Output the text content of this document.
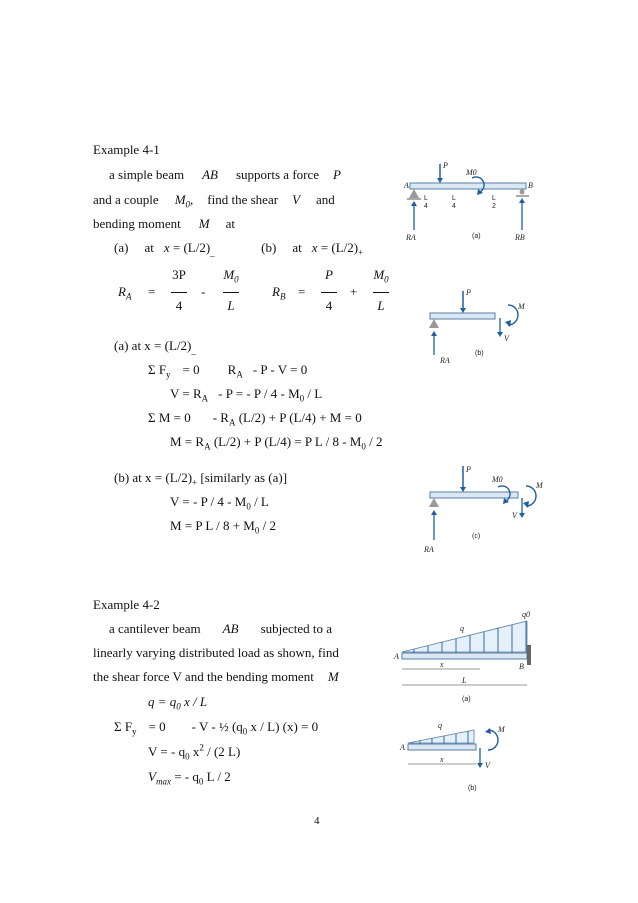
Example 4-1
a simple beam AB supports a force P
and a couple $M_0$, find the shear V and
bending moment M at
(a) at $x = (L/2)_{\_}$	(b) at $x = (L/2)_+$
$R_A$ =
3P
4
-
$M_0$
L
$R_B$ =
P
4
+
$M_0$
L
(a) at $x = (L/2)_{\_}$
Σ $F_y = 0$ $R_A - P - V = 0$
$V = R_A - P$ = - P / $4 - M_0$ / L
Σ $M = 0 - R_A$ (L/2) + P (L/4) + M = 0
$M = R_A$ (L/2) + P (L/4) = P L / $8 - M_0 / 2$
(b) at $x = (L/2)_+$ [similarly as (a)]
V = - P / $4 - M_0$ / L
M = P $L / 8 + M_0 / 2$
Example 4-2
a cantilever beam AB subjected to a
linearly varying distributed load as shown, find
the shear force V and the bending moment M
$q = q_0$ x / L
Σ $F_y = 0 - V$ - ½ ($q_0$ x / L) (x) = 0
V = - $q_0$ $x^2 / (2$ L)
$V_{max}$ = - $q_0$ L / 2
4
P
M0
A	B
RA	RB
L
4
L
4
L
2
(a)
P
M
V
RA
(b)
P
M0
M
V
RA
(c)
A
B
q
q0
x
L
(a)
A
q	M
V
x
(b)
